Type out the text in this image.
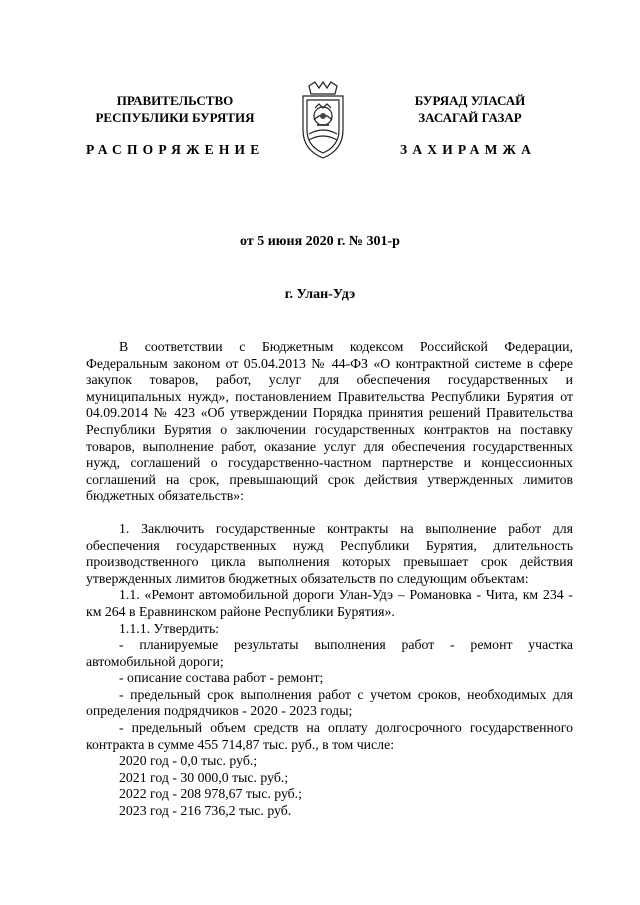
ПРАВИТЕЛЬСТВО
РЕСПУБЛИКИ БУРЯТИЯ
БУРЯАД УЛАСАЙ
ЗАСАГАЙ ГАЗАР
РАСПОРЯЖЕНИЕ	ЗАХИРАМЖА
от 5 июня 2020 г. № 301-р
г. Улан-Удэ

В соответствии с Бюджетным кодексом Российской Федерации, Федеральным законом от 05.04.2013 № 44-ФЗ «О контрактной системе в сфере закупок товаров, работ, услуг для обеспечения государственных и муниципальных нужд», постановлением Правительства Республики Бурятия от 04.09.2014 № 423 «Об утверждении Порядка принятия решений Правительства Республики Бурятия о заключении государственных контрактов на поставку товаров, выполнение работ, оказание услуг для обеспечения государственных нужд, соглашений о государственно-частном партнерстве и концессионных соглашений на срок, превышающий срок действия утвержденных лимитов бюджетных обязательств»:

1. Заключить государственные контракты на выполнение работ для обеспечения государственных нужд Республики Бурятия, длительность производственного цикла выполнения которых превышает срок действия утвержденных лимитов бюджетных обязательств по следующим объектам:

1.1. «Ремонт автомобильной дороги Улан-Удэ – Романовка - Чита, км 234 - км 264 в Еравнинском районе Республики Бурятия».

1.1.1. Утвердить:

- планируемые результаты выполнения работ - ремонт участка автомобильной дороги;

- описание состава работ - ремонт;

- предельный срок выполнения работ с учетом сроков, необходимых для определения подрядчиков - 2020 - 2023 годы;

- предельный объем средств на оплату долгосрочного государственного контракта в сумме 455 714,87 тыс. руб., в том числе:

2020 год - 0,0 тыс. руб.;

2021 год - 30 000,0 тыс. руб.;

2022 год - 208 978,67 тыс. руб.;

2023 год - 216 736,2 тыс. руб.
